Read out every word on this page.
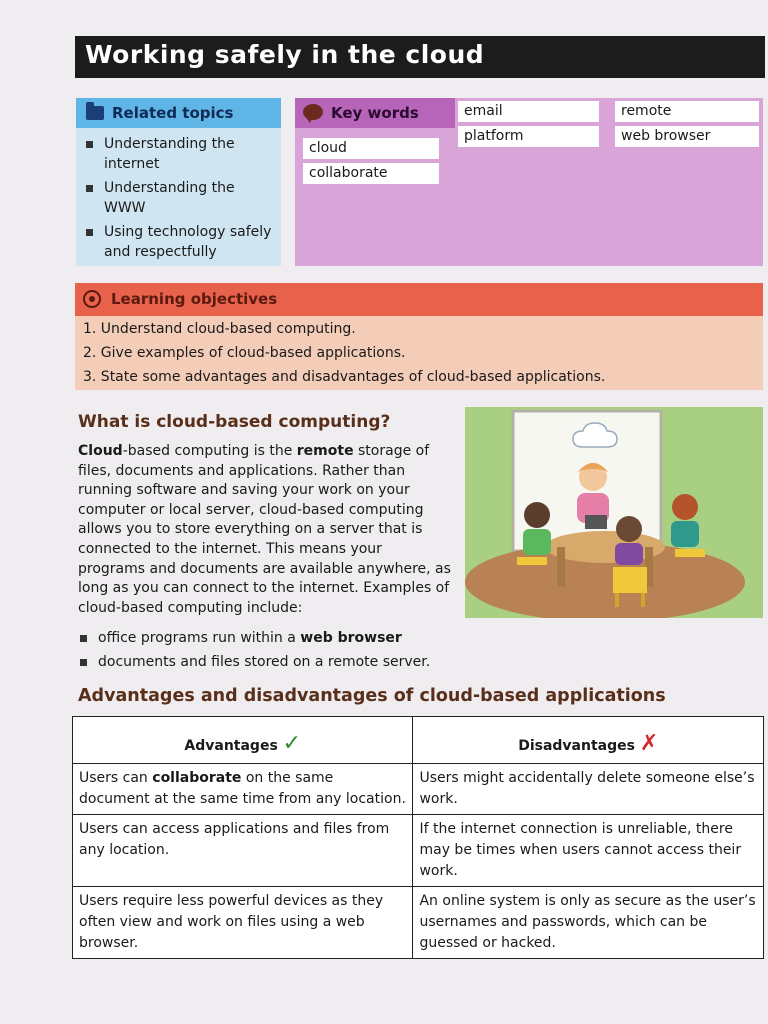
Working safely in the cloud
Related topics
Understanding the internet
Understanding the WWW
Using technology safely and respectfully
Key words
cloud
collaborate
email
platform
remote
web browser
Learning objectives
1. Understand cloud-based computing.
2. Give examples of cloud-based applications.
3. State some advantages and disadvantages of cloud-based applications.
What is cloud-based computing?
Cloud-based computing is the remote storage of files, documents and applications. Rather than running software and saving your work on your computer or local server, cloud-based computing allows you to store everything on a server that is connected to the internet. This means your programs and documents are available anywhere, as long as you can connect to the internet. Examples of cloud-based computing include:
office programs run within a web browser
documents and files stored on a remote server.
Advantages and disadvantages of cloud-based applications
Advantages ✓	Disadvantages ✗
Users can collaborate on the same document at the same time from any location.	Users might accidentally delete someone else’s work.
Users can access applications and files from any location.	If the internet connection is unreliable, there may be times when users cannot access their work.
Users require less powerful devices as they often view and work on files using a web browser.	An online system is only as secure as the user’s usernames and passwords, which can be guessed or hacked.
